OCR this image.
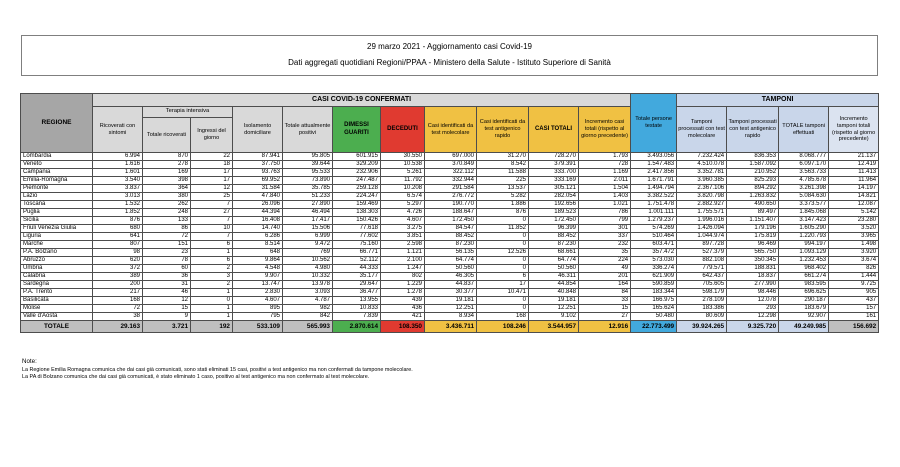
29 marzo 2021 - Aggiornamento casi Covid-19
Dati aggregati quotidiani Regioni/PPAA - Ministero della Salute - Istituto Superiore di Sanità
REGIONE	CASI COVID-19 CONFERMATI											Totale persone testate	TAMPONI			
	Ricoverati con sintomi	Terapia intensiva		Isolamento domiciliare	Totale attualmente positivi	DIMESSI GUARITI	DECEDUTI	Casi identificati da test molecolare	Casi identificati da test antigenico rapido	CASI TOTALI	Incremento casi totali (rispetto al giorno precedente)		Tamponi processati con test molecolare	Tamponi processati con test antigenico rapido	TOTALE tamponi effettuati	Incremento tamponi totali (rispetto al giorno precedente)
		Totale ricoverati	Ingressi del giorno													
Lombardia	6.994	870	22	87.941	95.805	601.915	30.550	697.000	31.270	728.270	1.793	3.493.056	7.232.424	836.353	8.068.777	21.137
Veneto	1.616	278	18	37.750	39.644	329.209	10.538	370.849	8.542	379.391	728	1.547.483	4.510.078	1.587.092	6.097.170	12.419
Campania	1.601	169	17	93.763	95.533	232.906	5.261	322.112	11.588	333.700	1.169	2.417.856	3.352.781	210.952	3.563.733	11.413
Emilia-Romagna	3.540	398	17	69.952	73.890	247.487	11.792	332.944	225	333.169	2.011	1.671.791	3.960.385	825.293	4.785.678	11.964
Piemonte	3.837	364	12	31.584	35.785	259.128	10.208	291.584	13.537	305.121	1.504	1.494.794	2.367.106	894.292	3.261.398	14.197
Lazio	3.013	380	25	47.840	51.233	224.247	6.574	276.772	5.282	282.054	1.403	3.382.522	3.820.798	1.263.832	5.084.630	14.821
Toscana	1.532	262	7	26.096	27.890	159.469	5.297	190.770	1.886	192.656	1.021	1.751.478	2.882.927	490.650	3.373.577	12.087
Puglia	1.852	248	27	44.394	46.494	138.303	4.726	188.647	876	189.523	786	1.001.111	1.755.571	89.497	1.845.068	5.142
Sicilia	876	133	7	16.408	17.417	150.426	4.607	172.450	0	172.450	799	1.279.237	1.996.016	1.151.407	3.147.423	23.280
Friuli Venezia Giulia	680	86	10	14.740	15.506	77.618	3.275	84.547	11.852	96.399	301	574.269	1.426.094	179.196	1.605.290	3.520
Liguria	641	72	7	6.286	6.999	77.602	3.851	88.452	0	88.452	337	510.464	1.044.974	175.819	1.220.793	3.965
Marche	807	151	6	8.514	9.472	75.160	2.598	87.230	0	87.230	232	603.471	897.728	96.469	994.197	1.498
P.A. Bolzano	98	23	1	648	769	66.771	1.121	56.135	12.526	68.661	35	357.472	527.379	565.750	1.093.129	3.920
Abruzzo	620	78	6	9.864	10.562	52.112	2.100	64.774	0	64.774	224	573.030	882.108	350.345	1.232.453	3.674
Umbria	372	60	2	4.548	4.980	44.333	1.247	50.560	0	50.560	49	336.274	779.571	188.831	968.402	826
Calabria	389	36	3	9.907	10.332	35.177	802	46.305	6	46.311	201	621.909	642.437	18.837	661.274	1.444
Sardegna	200	31	2	13.747	13.978	29.647	1.229	44.837	17	44.854	164	590.859	705.605	277.990	983.595	9.725
P.A. Trento	217	46	1	2.830	3.093	36.477	1.278	30.377	10.471	40.848	84	183.344	598.179	98.446	696.625	905
Basilicata	168	12	0	4.607	4.787	13.955	439	19.181	0	19.181	33	166.975	278.109	12.078	290.187	437
Molise	72	15	1	895	982	10.833	436	12.251	0	12.251	15	165.624	183.386	293	183.679	157
Valle d'Aosta	38	9	1	795	842	7.839	421	8.934	168	9.102	27	50.480	80.609	12.298	92.907	161
TOTALE	29.163	3.721	192	533.109	565.993	2.870.614	108.350	3.436.711	108.246	3.544.957	12.916	22.773.499	39.924.265	9.325.720	49.249.985	156.692
Note:
La Regione Emilia Romagna comunica che dai casi già comunicati, sono stati eliminati 15 casi, positivi a test antigenico ma non confermati da tampone molecolare.
La PA di Bolzano comunica che dai casi già comunicati, è stato eliminato 1 caso, positivo al test antigenico ma non confermato al test molecolare.
